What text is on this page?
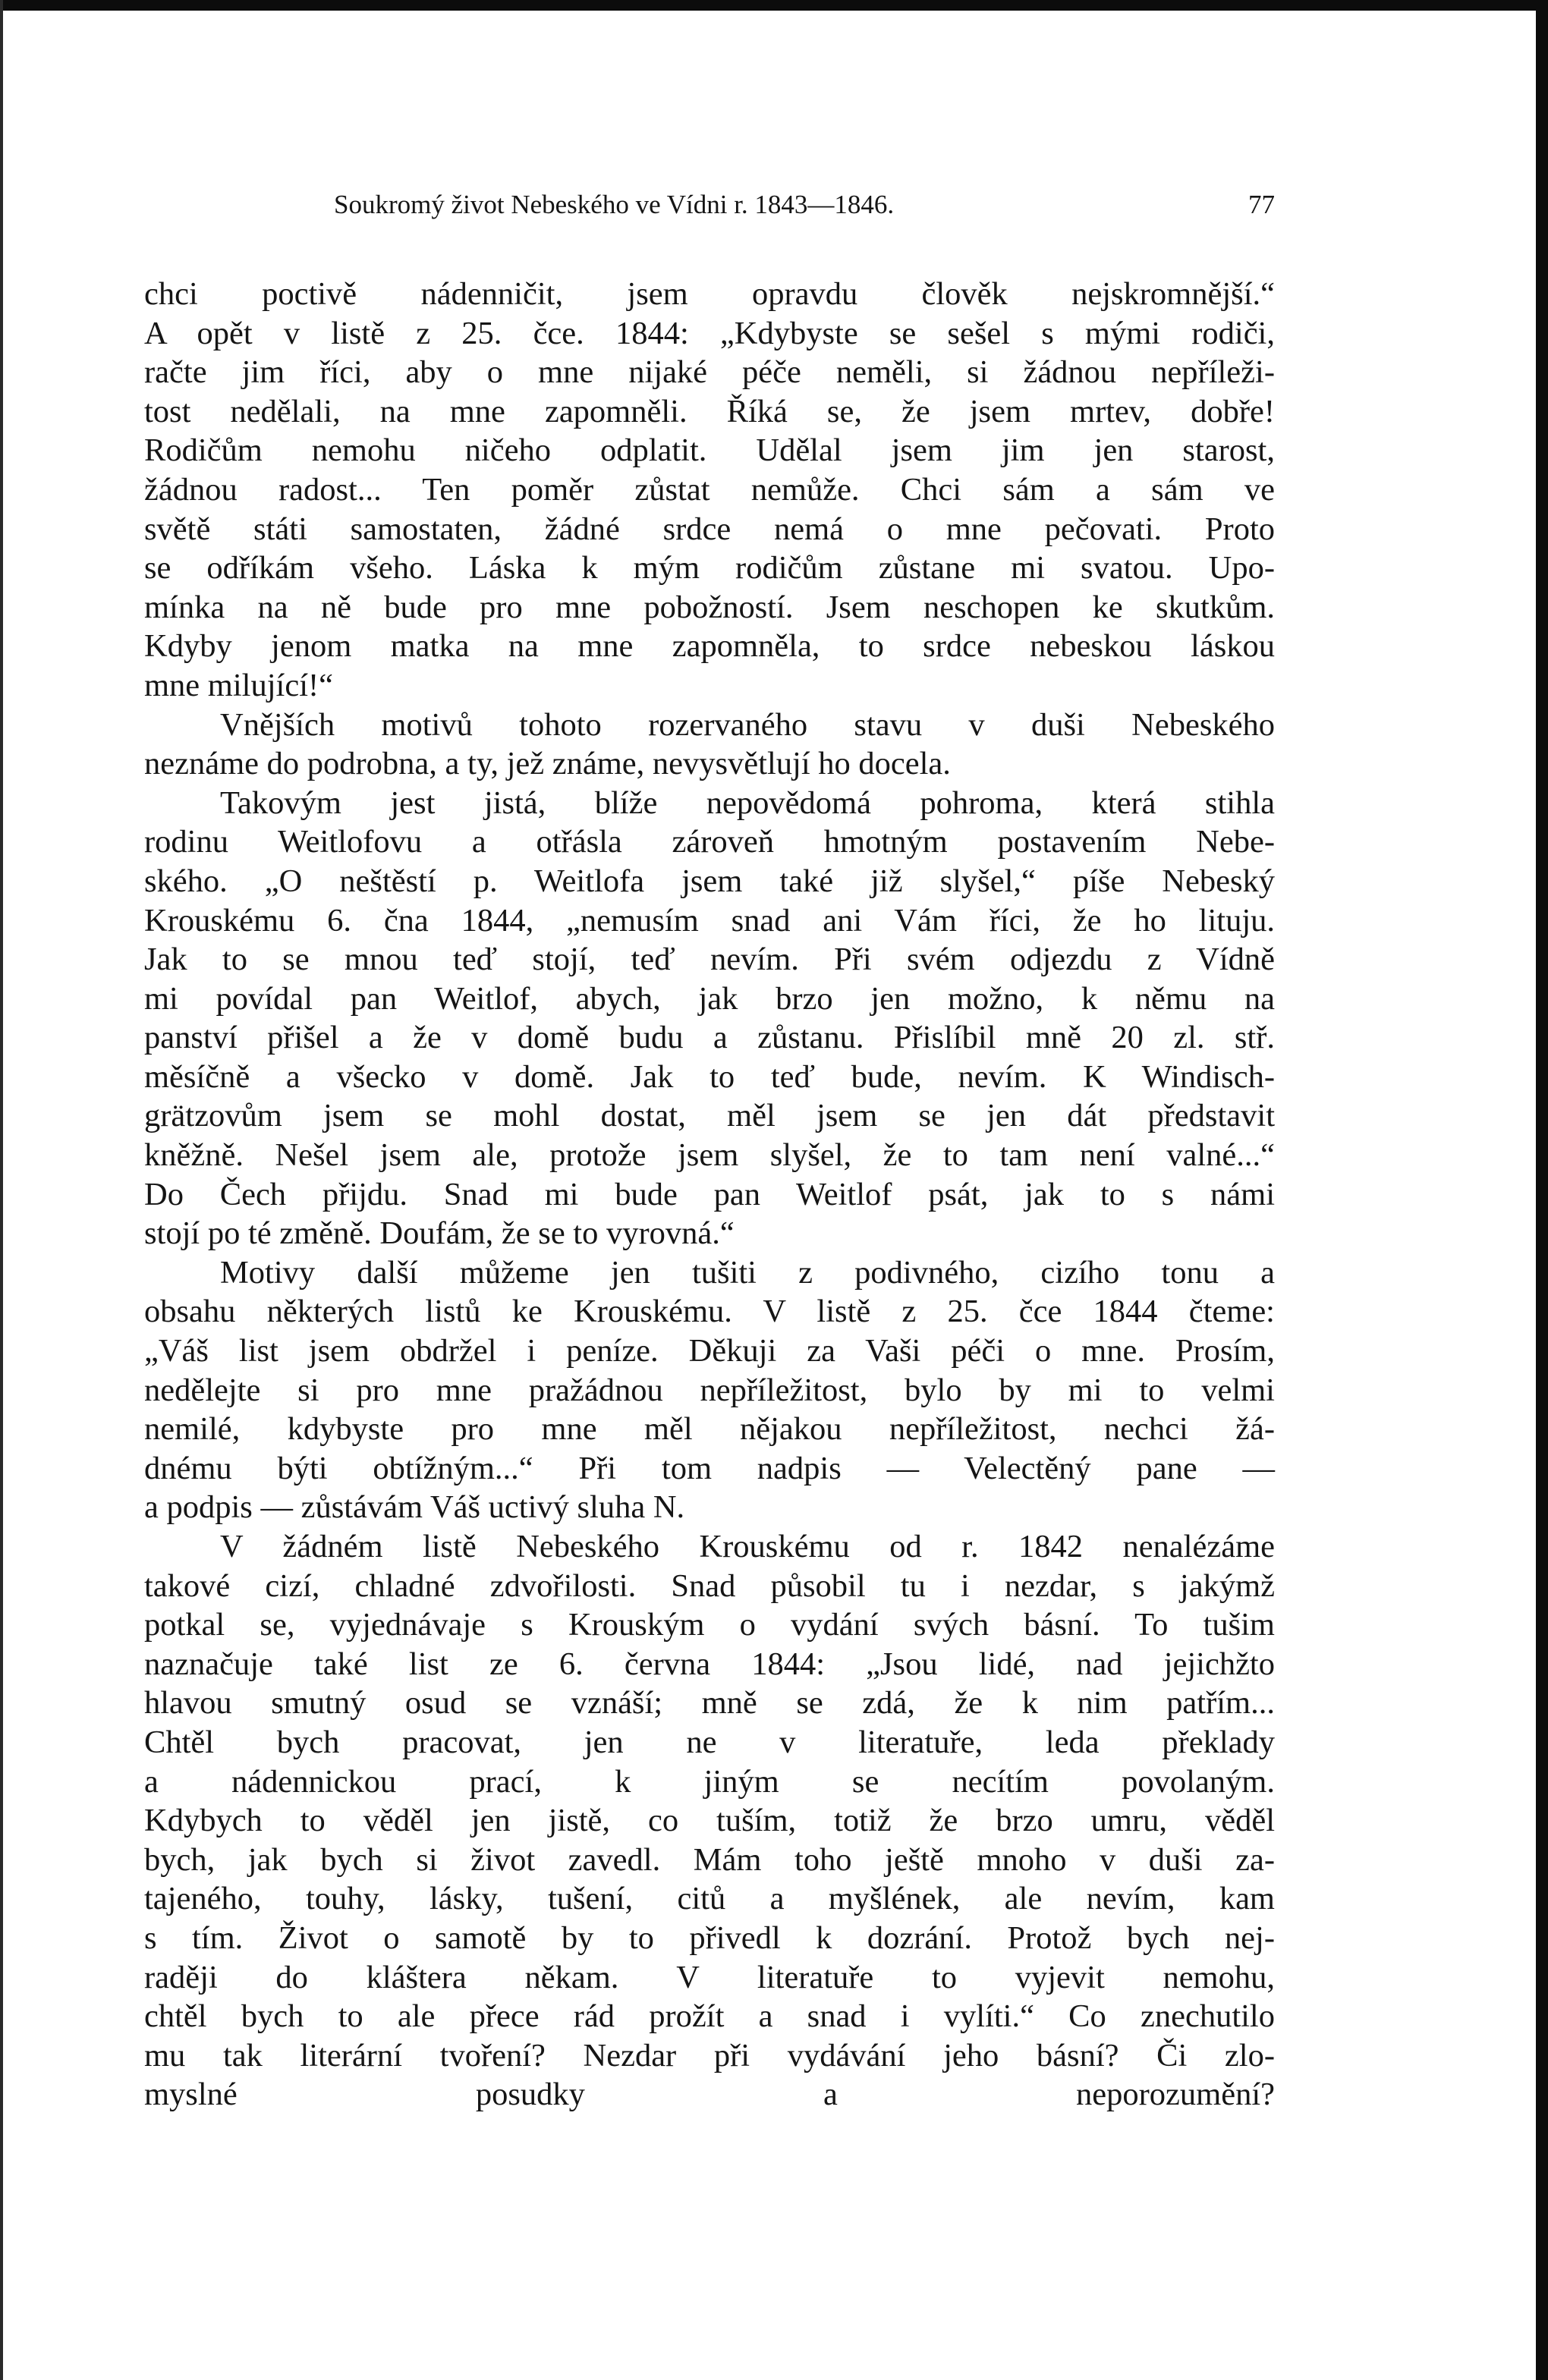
Soukromý život Nebeského ve Vídni r. 1843—1846.	77
chci poctivě nádenničit, jsem opravdu člověk nejskromnější.“
A opět v listě z 25. čce. 1844: „Kdybyste se sešel s mými rodiči,
račte jim říci, aby o mne nijaké péče neměli, si žádnou nepříleži-
tost nedělali, na mne zapomněli. Říká se, že jsem mrtev, dobře!
Rodičům nemohu ničeho odplatit. Udělal jsem jim jen starost,
žádnou radost... Ten poměr zůstat nemůže. Chci sám a sám ve
světě státi samostaten, žádné srdce nemá o mne pečovati. Proto
se odříkám všeho. Láska k mým rodičům zůstane mi svatou. Upo-
mínka na ně bude pro mne pobožností. Jsem neschopen ke skutkům.
Kdyby jenom matka na mne zapomněla, to srdce nebeskou láskou
mne milující!“
Vnějších motivů tohoto rozervaného stavu v duši Nebeského
neznáme do podrobna, a ty, jež známe, nevysvětlují ho docela.
Takovým jest jistá, blíže nepovědomá pohroma, která stihla
rodinu Weitlofovu a otřásla zároveň hmotným postavením Nebe-
ského. „O neštěstí p. Weitlofa jsem také již slyšel,“ píše Nebeský
Krouskému 6. čna 1844, „nemusím snad ani Vám říci, že ho lituju.
Jak to se mnou teď stojí, teď nevím. Při svém odjezdu z Vídně
mi povídal pan Weitlof, abych, jak brzo jen možno, k němu na
panství přišel a že v domě budu a zůstanu. Přislíbil mně 20 zl. stř.
měsíčně a všecko v domě. Jak to teď bude, nevím. K Windisch-
grätzovům jsem se mohl dostat, měl jsem se jen dát představit
kněžně. Nešel jsem ale, protože jsem slyšel, že to tam není valné...“
Do Čech přijdu. Snad mi bude pan Weitlof psát, jak to s námi
stojí po té změně. Doufám, že se to vyrovná.“
Motivy další můžeme jen tušiti z podivného, cizího tonu a
obsahu některých listů ke Krouskému. V listě z 25. čce 1844 čteme:
„Váš list jsem obdržel i peníze. Děkuji za Vaši péči o mne. Prosím,
nedělejte si pro mne pražádnou nepříležitost, bylo by mi to velmi
nemilé, kdybyste pro mne měl nějakou nepříležitost, nechci žá-
dnému býti obtížným...“ Při tom nadpis — Velectěný pane —
a podpis — zůstávám Váš uctivý sluha N.
V žádném listě Nebeského Krouskému od r. 1842 nenalézáme
takové cizí, chladné zdvořilosti. Snad působil tu i nezdar, s jakýmž
potkal se, vyjednávaje s Krouským o vydání svých básní. To tušim
naznačuje také list ze 6. června 1844: „Jsou lidé, nad jejichžto
hlavou smutný osud se vznáší; mně se zdá, že k nim patřím...
Chtěl bych pracovat, jen ne v literatuře, leda překlady
a nádennickou prací, k jiným se necítím povolaným.
Kdybych to věděl jen jistě, co tuším, totiž že brzo umru, věděl
bych, jak bych si život zavedl. Mám toho ještě mnoho v duši za-
tajeného, touhy, lásky, tušení, citů a myšlének, ale nevím, kam
s tím. Život o samotě by to přivedl k dozrání. Protož bych nej-
raději do kláštera někam. V literatuře to vyjevit nemohu,
chtěl bych to ale přece rád prožít a snad i vylíti.“ Co znechutilo
mu tak literární tvoření? Nezdar při vydávání jeho básní? Či zlo-
myslné posudky a neporozumění?
